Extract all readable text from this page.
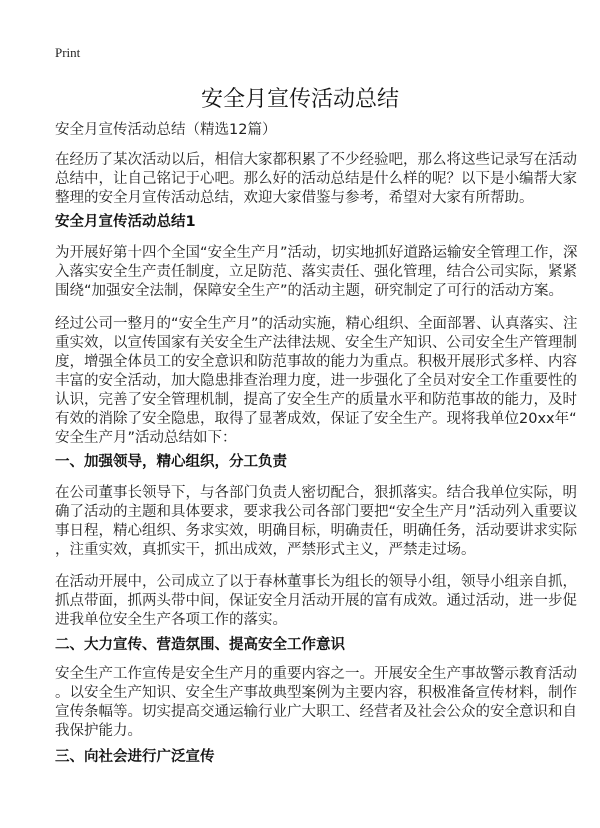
Print
安全月宣传活动总结
安全月宣传活动总结（精选12篇）
在经历了某次活动以后，相信大家都积累了不少经验吧，那么将这些记录写在活动
总结中，让自己铭记于心吧。那么好的活动总结是什么样的呢？以下是小编帮大家
整理的安全月宣传活动总结，欢迎大家借鉴与参考，希望对大家有所帮助。
安全月宣传活动总结1
为开展好第十四个全国“安全生产月”活动，切实地抓好道路运输安全管理工作，深
入落实安全生产责任制度，立足防范、落实责任、强化管理，结合公司实际，紧紧
围绕“加强安全法制，保障安全生产”的活动主题，研究制定了可行的活动方案。
经过公司一整月的“安全生产月”的活动实施，精心组织、全面部署、认真落实、注
重实效，以宣传国家有关安全生产法律法规、安全生产知识、公司安全生产管理制
度，增强全体员工的安全意识和防范事故的能力为重点。积极开展形式多样、内容
丰富的安全活动，加大隐患排查治理力度，进一步强化了全员对安全工作重要性的
认识，完善了安全管理机制，提高了安全生产的质量水平和防范事故的能力，及时
有效的消除了安全隐患，取得了显著成效，保证了安全生产。现将我单位20xx年“
安全生产月”活动总结如下：
一、加强领导，精心组织，分工负责
在公司董事长领导下，与各部门负责人密切配合，狠抓落实。结合我单位实际，明
确了活动的主题和具体要求，要求我公司各部门要把“安全生产月”活动列入重要议
事日程，精心组织、务求实效，明确目标，明确责任，明确任务，活动要讲求实际
，注重实效，真抓实干，抓出成效，严禁形式主义，严禁走过场。
在活动开展中，公司成立了以于春林董事长为组长的领导小组，领导小组亲自抓，
抓点带面，抓两头带中间，保证安全月活动开展的富有成效。通过活动，进一步促
进我单位安全生产各项工作的落实。
二、大力宣传、营造氛围、提高安全工作意识
安全生产工作宣传是安全生产月的重要内容之一。开展安全生产事故警示教育活动
。以安全生产知识、安全生产事故典型案例为主要内容，积极准备宣传材料，制作
宣传条幅等。切实提高交通运输行业广大职工、经营者及社会公众的安全意识和自
我保护能力。
三、向社会进行广泛宣传
